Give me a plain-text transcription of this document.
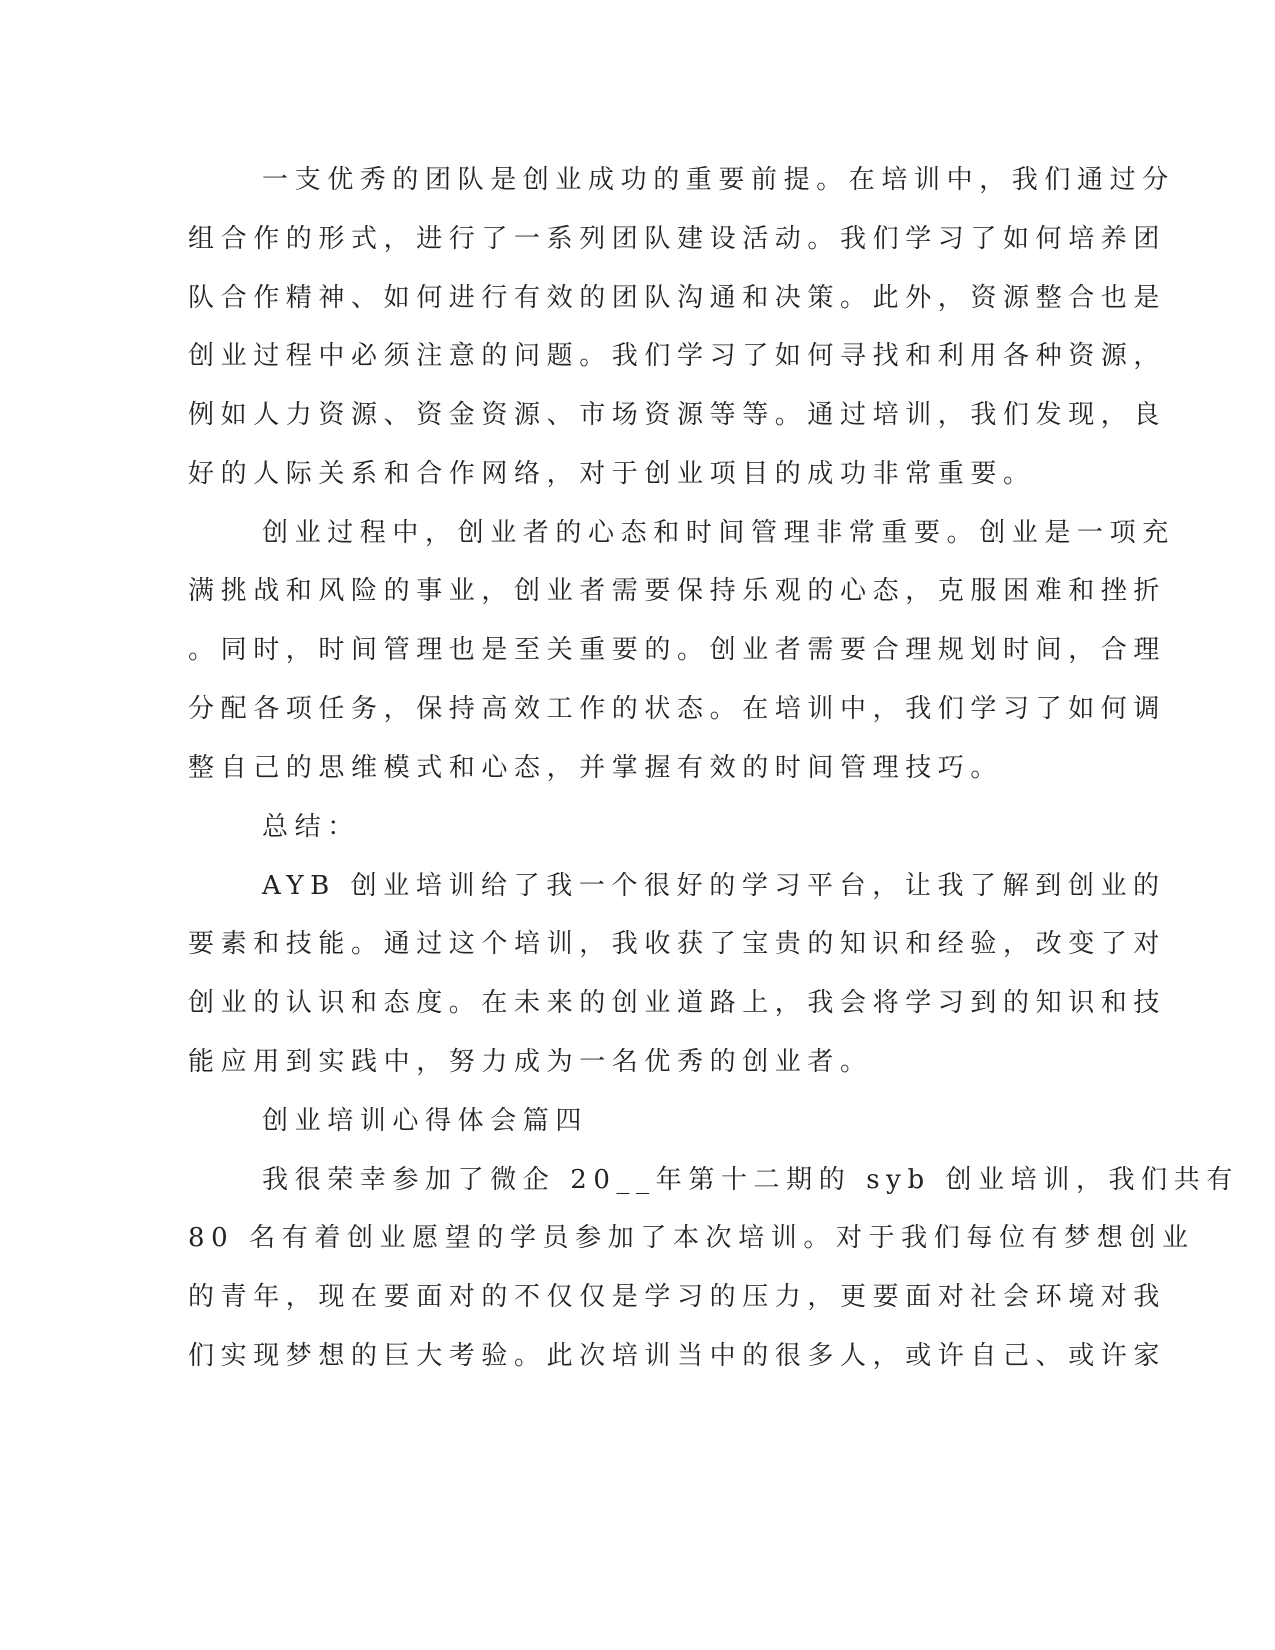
一支优秀的团队是创业成功的重要前提。在培训中，我们通过分
组合作的形式，进行了一系列团队建设活动。我们学习了如何培养团
队合作精神、如何进行有效的团队沟通和决策。此外，资源整合也是
创业过程中必须注意的问题。我们学习了如何寻找和利用各种资源，
例如人力资源、资金资源、市场资源等等。通过培训，我们发现，良
好的人际关系和合作网络，对于创业项目的成功非常重要。
创业过程中，创业者的心态和时间管理非常重要。创业是一项充
满挑战和风险的事业，创业者需要保持乐观的心态，克服困难和挫折
。同时，时间管理也是至关重要的。创业者需要合理规划时间，合理
分配各项任务，保持高效工作的状态。在培训中，我们学习了如何调
整自己的思维模式和心态，并掌握有效的时间管理技巧。
总结：
AYB 创业培训给了我一个很好的学习平台，让我了解到创业的
要素和技能。通过这个培训，我收获了宝贵的知识和经验，改变了对
创业的认识和态度。在未来的创业道路上，我会将学习到的知识和技
能应用到实践中，努力成为一名优秀的创业者。
创业培训心得体会篇四
我很荣幸参加了微企 20__年第十二期的 syb 创业培训，我们共有
80 名有着创业愿望的学员参加了本次培训。对于我们每位有梦想创业
的青年，现在要面对的不仅仅是学习的压力，更要面对社会环境对我
们实现梦想的巨大考验。此次培训当中的很多人，或许自己、或许家
